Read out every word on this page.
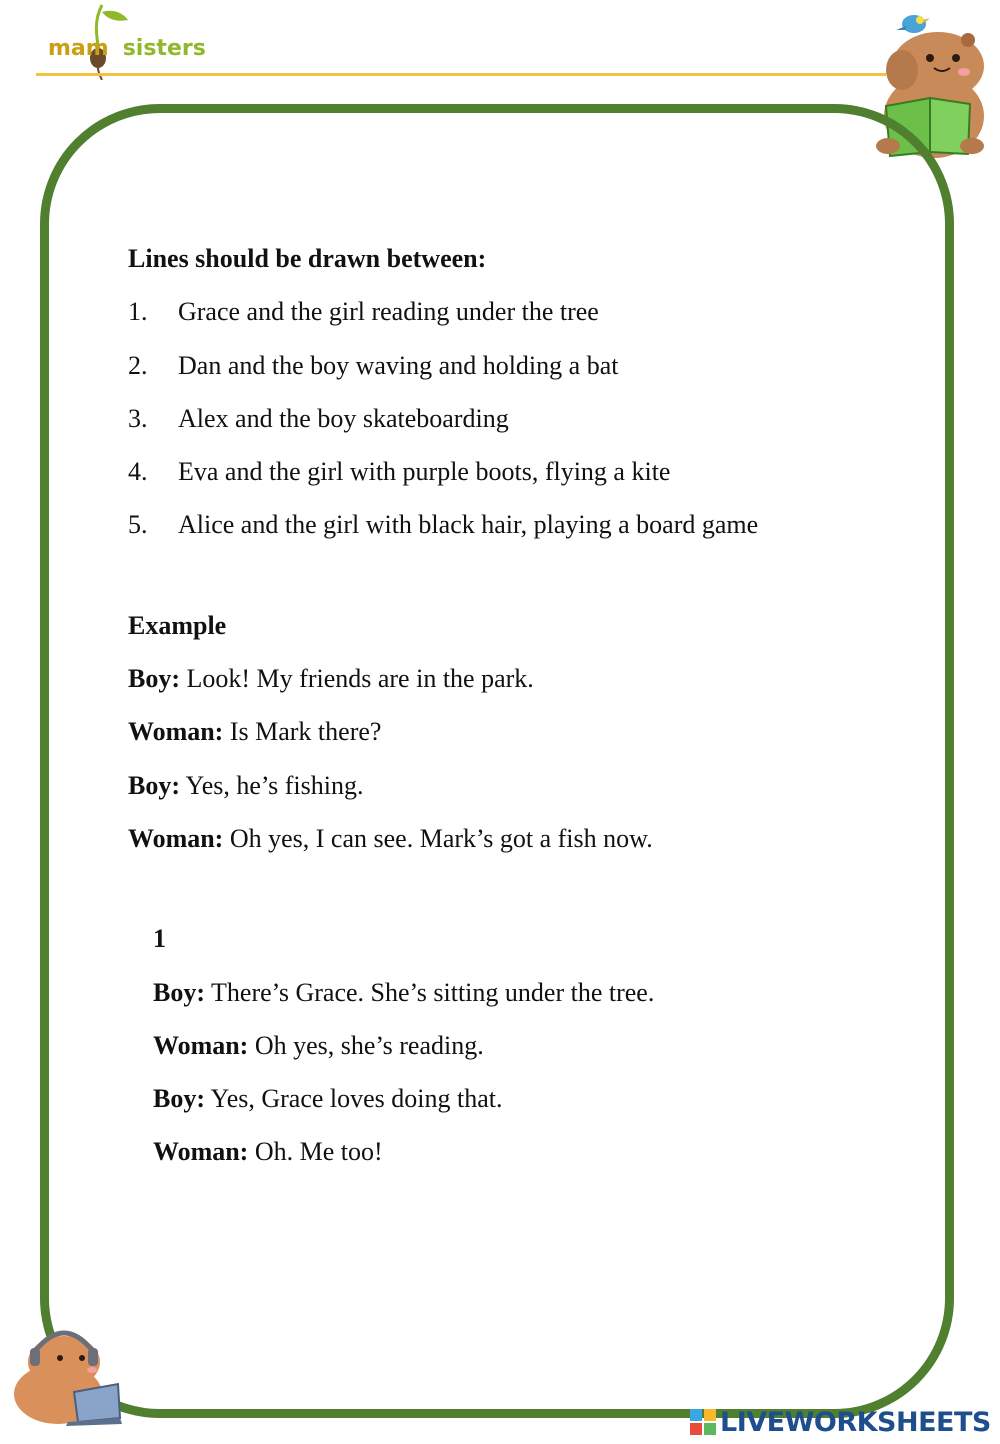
mam sisters
LIVEWORKSHEETS

Lines should be drawn between:

1.	Grace and the girl reading under the tree
2.	Dan and the boy waving and holding a bat
3.	Alex and the boy skateboarding
4.	Eva and the girl with purple boots, flying a kite
5.	Alice and the girl with black hair, playing a board game

Example

Boy: Look! My friends are in the park.

Woman: Is Mark there?

Boy: Yes, he’s fishing.

Woman: Oh yes, I can see. Mark’s got a fish now.

1

Boy: There’s Grace. She’s sitting under the tree.

Woman: Oh yes, she’s reading.

Boy: Yes, Grace loves doing that.

Woman: Oh. Me too!
